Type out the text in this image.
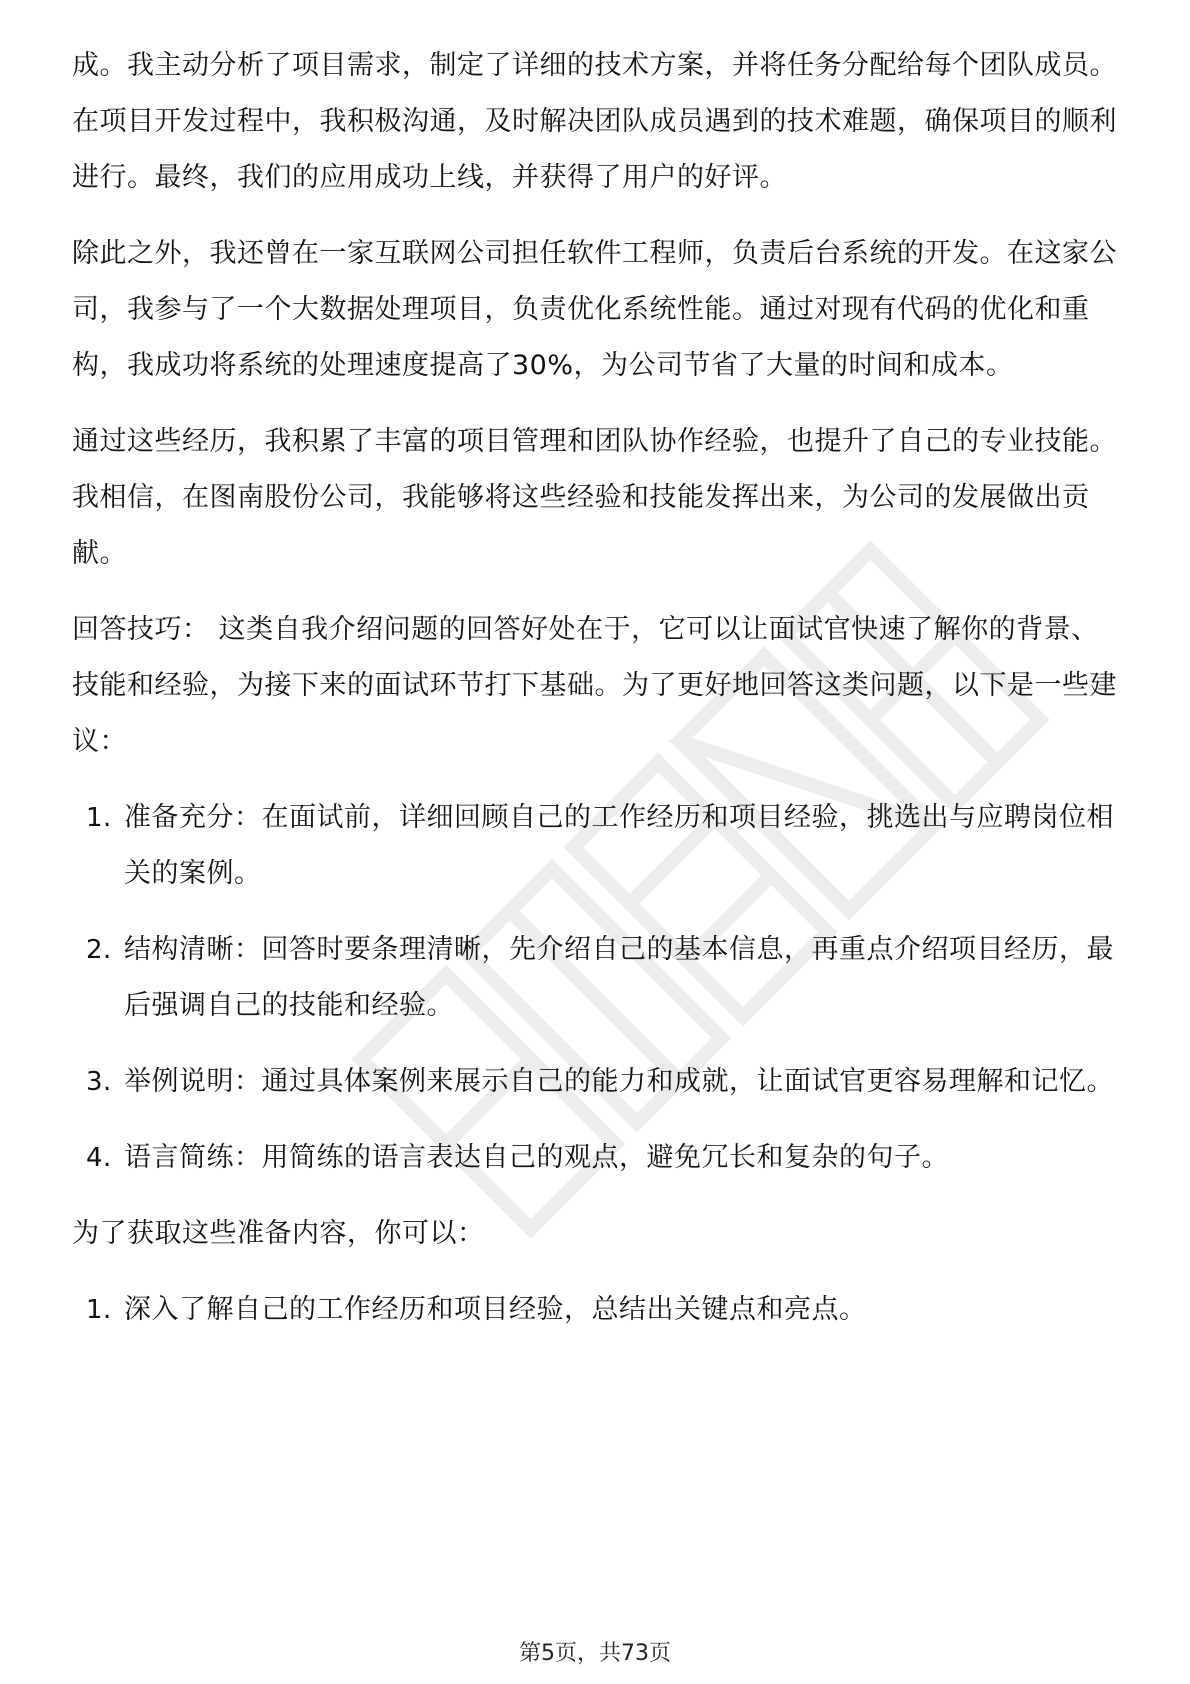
成。我主动分析了项目需求，制定了详细的技术方案，并将任务分配给每个团队成员。在项目开发过程中，我积极沟通，及时解决团队成员遇到的技术难题，确保项目的顺利进行。最终，我们的应用成功上线，并获得了用户的好评。

除此之外，我还曾在一家互联网公司担任软件工程师，负责后台系统的开发。在这家公司，我参与了一个大数据处理项目，负责优化系统性能。通过对现有代码的优化和重构，我成功将系统的处理速度提高了30%，为公司节省了大量的时间和成本。

通过这些经历，我积累了丰富的项目管理和团队协作经验，也提升了自己的专业技能。我相信，在图南股份公司，我能够将这些经验和技能发挥出来，为公司的发展做出贡献。

回答技巧： 这类自我介绍问题的回答好处在于，它可以让面试官快速了解你的背景、技能和经验，为接下来的面试环节打下基础。为了更好地回答这类问题，以下是一些建议：

1. 准备充分：在面试前，详细回顾自己的工作经历和项目经验，挑选出与应聘岗位相关的案例。
2. 结构清晰：回答时要条理清晰，先介绍自己的基本信息，再重点介绍项目经历，最后强调自己的技能和经验。
3. 举例说明：通过具体案例来展示自己的能力和成就，让面试官更容易理解和记忆。
4. 语言简练：用简练的语言表达自己的观点，避免冗长和复杂的句子。

为了获取这些准备内容，你可以：

1. 深入了解自己的工作经历和项目经验，总结出关键点和亮点。
第5页，共73页
